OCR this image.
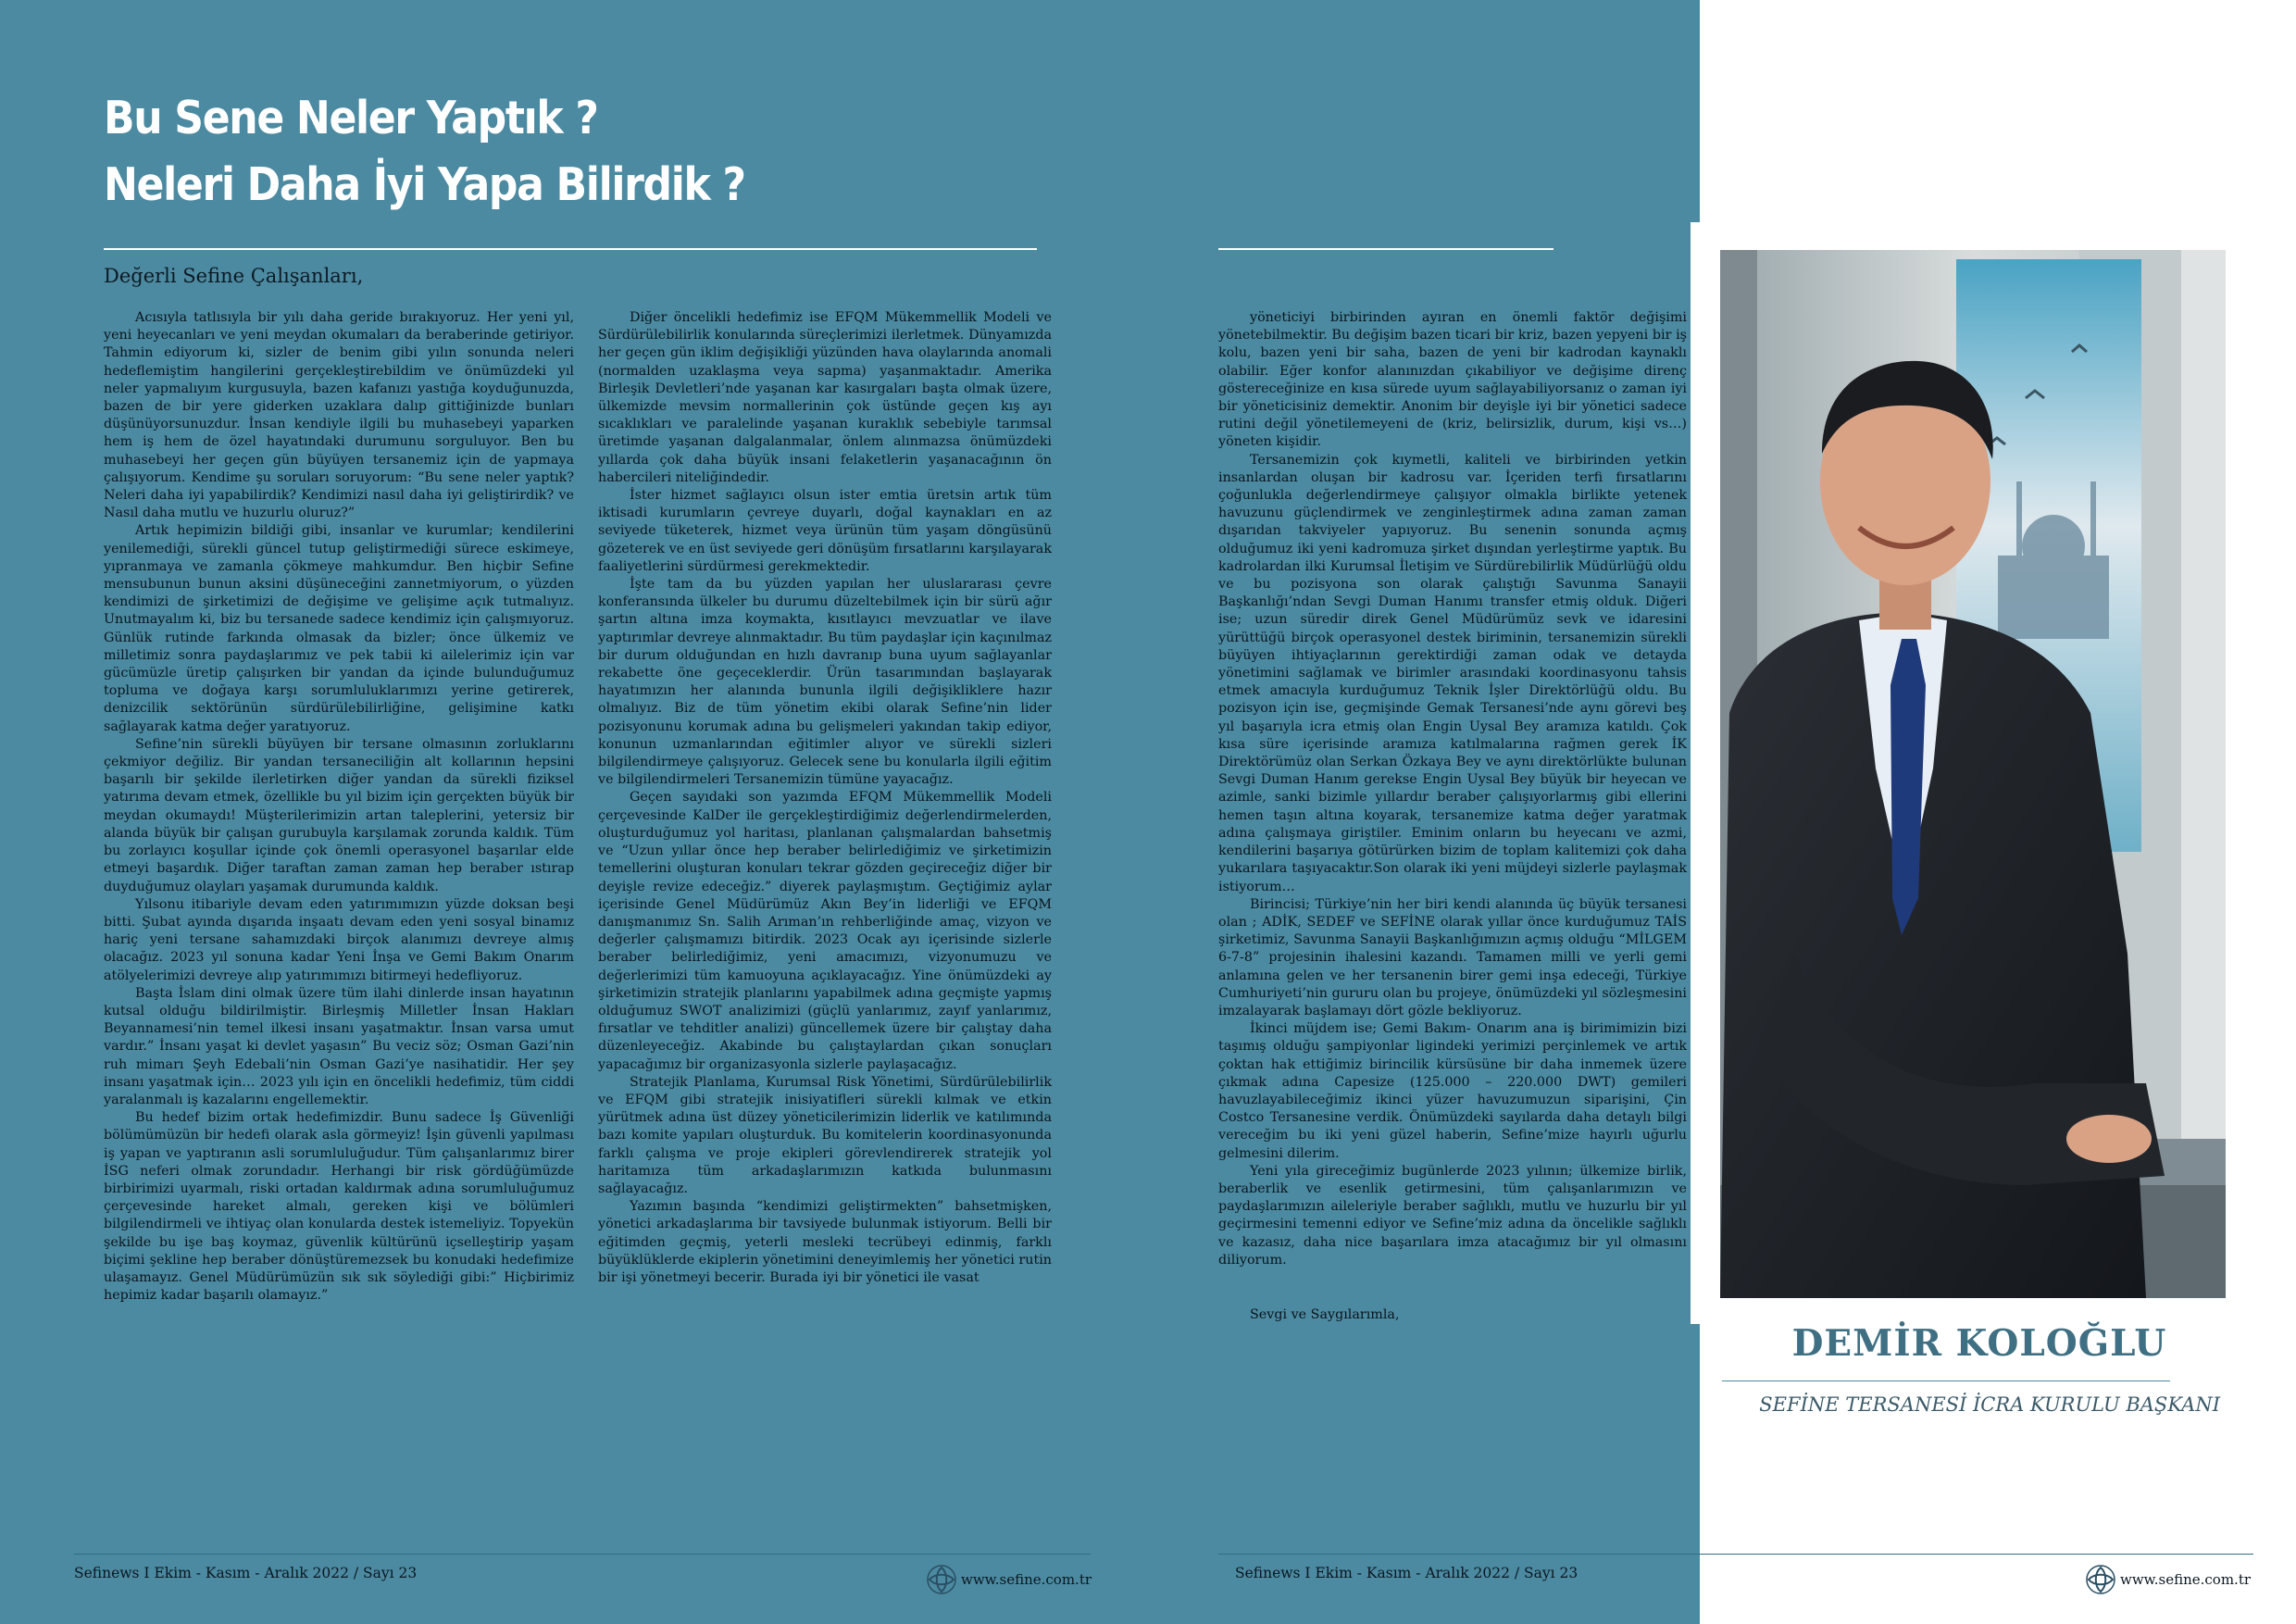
Bu Sene Neler Yaptık ?
Neleri Daha İyi Yapa Bilirdik ?
Değerli Sefine Çalışanları,

Acısıyla tatlısıyla bir yılı daha geride bırakıyoruz. Her yeni yıl, yeni heyecanları ve yeni meydan okumaları da beraberinde getiriyor. Tahmin ediyorum ki, sizler de benim gibi yılın sonunda neleri hedeflemiştim hangilerini gerçekleştirebildim ve önümüzdeki yıl neler yapmalıyım kurgusuyla, bazen kafanızı yastığa koyduğunuzda, bazen de bir yere giderken uzaklara dalıp gittiğinizde bunları düşünüyorsunuzdur. İnsan kendiyle ilgili bu muhasebeyi yaparken hem iş hem de özel hayatındaki durumunu sorguluyor. Ben bu muhasebeyi her geçen gün büyüyen tersanemiz için de yapmaya çalışıyorum. Kendime şu soruları soruyorum: “Bu sene neler yaptık? Neleri daha iyi yapabilirdik? Kendimizi nasıl daha iyi geliştirirdik? ve Nasıl daha mutlu ve huzurlu oluruz?”

Artık hepimizin bildiği gibi, insanlar ve kurumlar; kendilerini yenilemediği, sürekli güncel tutup geliştirmediği sürece eskimeye, yıpranmaya ve zamanla çökmeye mahkumdur. Ben hiçbir Sefine mensubunun bunun aksini düşüneceğini zannetmiyorum, o yüzden kendimizi de şirketimizi de değişime ve gelişime açık tutmalıyız. Unutmayalım ki, biz bu tersanede sadece kendimiz için çalışmıyoruz. Günlük rutinde farkında olmasak da bizler; önce ülkemiz ve milletimiz sonra paydaşlarımız ve pek tabii ki ailelerimiz için var gücümüzle üretip çalışırken bir yandan da içinde bulunduğumuz topluma ve doğaya karşı sorumluluklarımızı yerine getirerek, denizcilik sektörünün sürdürülebilirliğine, gelişimine katkı sağlayarak katma değer yaratıyoruz.

Sefine’nin sürekli büyüyen bir tersane olmasının zorluklarını çekmiyor değiliz. Bir yandan tersaneciliğin alt kollarının hepsini başarılı bir şekilde ilerletirken diğer yandan da sürekli fiziksel yatırıma devam etmek, özellikle bu yıl bizim için gerçekten büyük bir meydan okumaydı! Müşterilerimizin artan taleplerini, yetersiz bir alanda büyük bir çalışan gurubuyla karşılamak zorunda kaldık. Tüm bu zorlayıcı koşullar içinde çok önemli operasyonel başarılar elde etmeyi başardık. Diğer taraftan zaman zaman hep beraber ıstırap duyduğumuz olayları yaşamak durumunda kaldık.

Yılsonu itibariyle devam eden yatırımımızın yüzde doksan beşi bitti. Şubat ayında dışarıda inşaatı devam eden yeni sosyal binamız hariç yeni tersane sahamızdaki birçok alanımızı devreye almış olacağız. 2023 yıl sonuna kadar Yeni İnşa ve Gemi Bakım Onarım atölyelerimizi devreye alıp yatırımımızı bitirmeyi hedefliyoruz.

Başta İslam dini olmak üzere tüm ilahi dinlerde insan hayatının kutsal olduğu bildirilmiştir. Birleşmiş Milletler İnsan Hakları Beyannamesi’nin temel ilkesi insanı yaşatmaktır. İnsan varsa umut vardır.” İnsanı yaşat ki devlet yaşasın” Bu veciz söz; Osman Gazi’nin ruh mimarı Şeyh Edebali’nin Osman Gazi’ye nasihatidir. Her şey insanı yaşatmak için… 2023 yılı için en öncelikli hedefimiz, tüm ciddi yaralanmalı iş kazalarını engellemektir.

Bu hedef bizim ortak hedefimizdir. Bunu sadece İş Güvenliği bölümümüzün bir hedefi olarak asla görmeyiz! İşin güvenli yapılması iş yapan ve yaptıranın asli sorumluluğudur. Tüm çalışanlarımız birer İSG neferi olmak zorundadır. Herhangi bir risk gördüğümüzde birbirimizi uyarmalı, riski ortadan kaldırmak adına sorumluluğumuz çerçevesinde hareket almalı, gereken kişi ve bölümleri bilgilendirmeli ve ihtiyaç olan konularda destek istemeliyiz. Topyekün şekilde bu işe baş koymaz, güvenlik kültürünü içselleştirip yaşam biçimi şekline hep beraber dönüştüremezsek bu konudaki hedefimize ulaşamayız. Genel Müdürümüzün sık sık söylediği gibi:” Hiçbirimiz hepimiz kadar başarılı olamayız.”

Diğer öncelikli hedefimiz ise EFQM Mükemmellik Modeli ve Sürdürülebilirlik konularında süreçlerimizi ilerletmek. Dünyamızda her geçen gün iklim değişikliği yüzünden hava olaylarında anomali (normalden uzaklaşma veya sapma) yaşanmaktadır. Amerika Birleşik Devletleri’nde yaşanan kar kasırgaları başta olmak üzere, ülkemizde mevsim normallerinin çok üstünde geçen kış ayı sıcaklıkları ve paralelinde yaşanan kuraklık sebebiyle tarımsal üretimde yaşanan dalgalanmalar, önlem alınmazsa önümüzdeki yıllarda çok daha büyük insani felaketlerin yaşanacağının ön habercileri niteliğindedir.

İster hizmet sağlayıcı olsun ister emtia üretsin artık tüm iktisadi kurumların çevreye duyarlı, doğal kaynakları en az seviyede tüketerek, hizmet veya ürünün tüm yaşam döngüsünü gözeterek ve en üst seviyede geri dönüşüm fırsatlarını karşılayarak faaliyetlerini sürdürmesi gerekmektedir.

İşte tam da bu yüzden yapılan her uluslararası çevre konferansında ülkeler bu durumu düzeltebilmek için bir sürü ağır şartın altına imza koymakta, kısıtlayıcı mevzuatlar ve ilave yaptırımlar devreye alınmaktadır. Bu tüm paydaşlar için kaçınılmaz bir durum olduğundan en hızlı davranıp buna uyum sağlayanlar rekabette öne geçeceklerdir. Ürün tasarımından başlayarak hayatımızın her alanında bununla ilgili değişikliklere hazır olmalıyız. Biz de tüm yönetim ekibi olarak Sefine’nin lider pozisyonunu korumak adına bu gelişmeleri yakından takip ediyor, konunun uzmanlarından eğitimler alıyor ve sürekli sizleri bilgilendirmeye çalışıyoruz. Gelecek sene bu konularla ilgili eğitim ve bilgilendirmeleri Tersanemizin tümüne yayacağız.

Geçen sayıdaki son yazımda EFQM Mükemmellik Modeli çerçevesinde KalDer ile gerçekleştirdiğimiz değerlendirmelerden, oluşturduğumuz yol haritası, planlanan çalışmalardan bahsetmiş ve “Uzun yıllar önce hep beraber belirlediğimiz ve şirketimizin temellerini oluşturan konuları tekrar gözden geçireceğiz diğer bir deyişle revize edeceğiz.” diyerek paylaşmıştım. Geçtiğimiz aylar içerisinde Genel Müdürümüz Akın Bey’in liderliği ve EFQM danışmanımız Sn. Salih Arıman’ın rehberliğinde amaç, vizyon ve değerler çalışmamızı bitirdik. 2023 Ocak ayı içerisinde sizlerle beraber belirlediğimiz, yeni amacımızı, vizyonumuzu ve değerlerimizi tüm kamuoyuna açıklayacağız. Yine önümüzdeki ay şirketimizin stratejik planlarını yapabilmek adına geçmişte yapmış olduğumuz SWOT analizimizi (güçlü yanlarımız, zayıf yanlarımız, fırsatlar ve tehditler analizi) güncellemek üzere bir çalıştay daha düzenleyeceğiz. Akabinde bu çalıştaylardan çıkan sonuçları yapacağımız bir organizasyonla sizlerle paylaşacağız.

Stratejik Planlama, Kurumsal Risk Yönetimi, Sürdürülebilirlik ve EFQM gibi stratejik inisiyatifleri sürekli kılmak ve etkin yürütmek adına üst düzey yöneticilerimizin liderlik ve katılımında bazı komite yapıları oluşturduk. Bu komitelerin koordinasyonunda farklı çalışma ve proje ekipleri görevlendirerek stratejik yol haritamıza tüm arkadaşlarımızın katkıda bulunmasını sağlayacağız.

Yazımın başında “kendimizi geliştirmekten” bahsetmişken, yönetici arkadaşlarıma bir tavsiyede bulunmak istiyorum. Belli bir eğitimden geçmiş, yeterli mesleki tecrübeyi edinmiş, farklı büyüklüklerde ekiplerin yönetimini deneyimlemiş her yönetici rutin bir işi yönetmeyi becerir. Burada iyi bir yönetici ile vasat

yöneticiyi birbirinden ayıran en önemli faktör değişimi yönetebilmektir. Bu değişim bazen ticari bir kriz, bazen yepyeni bir iş kolu, bazen yeni bir saha, bazen de yeni bir kadrodan kaynaklı olabilir. Eğer konfor alanınızdan çıkabiliyor ve değişime direnç göstereceğinize en kısa sürede uyum sağlayabiliyorsanız o zaman iyi bir yöneticisiniz demektir. Anonim bir deyişle iyi bir yönetici sadece rutini değil yönetilemeyeni de (kriz, belirsizlik, durum, kişi vs…) yöneten kişidir.

Tersanemizin çok kıymetli, kaliteli ve birbirinden yetkin insanlardan oluşan bir kadrosu var. İçeriden terfi fırsatlarını çoğunlukla değerlendirmeye çalışıyor olmakla birlikte yetenek havuzunu güçlendirmek ve zenginleştirmek adına zaman zaman dışarıdan takviyeler yapıyoruz. Bu senenin sonunda açmış olduğumuz iki yeni kadromuza şirket dışından yerleştirme yaptık. Bu kadrolardan ilki Kurumsal İletişim ve Sürdürebilirlik Müdürlüğü oldu ve bu pozisyona son olarak çalıştığı Savunma Sanayii Başkanlığı’ndan Sevgi Duman Hanımı transfer etmiş olduk. Diğeri ise; uzun süredir direk Genel Müdürümüz sevk ve idaresini yürüttüğü birçok operasyonel destek biriminin, tersanemizin sürekli büyüyen ihtiyaçlarının gerektirdiği zaman odak ve detayda yönetimini sağlamak ve birimler arasındaki koordinasyonu tahsis etmek amacıyla kurduğumuz Teknik İşler Direktörlüğü oldu. Bu pozisyon için ise, geçmişinde Gemak Tersanesi’nde aynı görevi beş yıl başarıyla icra etmiş olan Engin Uysal Bey aramıza katıldı. Çok kısa süre içerisinde aramıza katılmalarına rağmen gerek İK Direktörümüz olan Serkan Özkaya Bey ve aynı direktörlükte bulunan Sevgi Duman Hanım gerekse Engin Uysal Bey büyük bir heyecan ve azimle, sanki bizimle yıllardır beraber çalışıyorlarmış gibi ellerini hemen taşın altına koyarak, tersanemize katma değer yaratmak adına çalışmaya giriştiler. Eminim onların bu heyecanı ve azmi, kendilerini başarıya götürürken bizim de toplam kalitemizi çok daha yukarılara taşıyacaktır.Son olarak iki yeni müjdeyi sizlerle paylaşmak istiyorum…

Birincisi; Türkiye’nin her biri kendi alanında üç büyük tersanesi olan ; ADİK, SEDEF ve SEFİNE olarak yıllar önce kurduğumuz TAİS şirketimiz, Savunma Sanayii Başkanlığımızın açmış olduğu “MİLGEM 6-7-8” projesinin ihalesini kazandı. Tamamen milli ve yerli gemi anlamına gelen ve her tersanenin birer gemi inşa edeceği, Türkiye Cumhuriyeti’nin gururu olan bu projeye, önümüzdeki yıl sözleşmesini imzalayarak başlamayı dört gözle bekliyoruz.

İkinci müjdem ise; Gemi Bakım- Onarım ana iş birimimizin bizi taşımış olduğu şampiyonlar ligindeki yerimizi perçinlemek ve artık çoktan hak ettiğimiz birincilik kürsüsüne bir daha inmemek üzere çıkmak adına Capesize (125.000 – 220.000 DWT) gemileri havuzlayabileceğimiz ikinci yüzer havuzumuzun siparişini, Çin Costco Tersanesine verdik. Önümüzdeki sayılarda daha detaylı bilgi vereceğim bu iki yeni güzel haberin, Sefine’mize hayırlı uğurlu gelmesini dilerim.

Yeni yıla gireceğimiz bugünlerde 2023 yılının; ülkemize birlik, beraberlik ve esenlik getirmesini, tüm çalışanlarımızın ve paydaşlarımızın aileleriyle beraber sağlıklı, mutlu ve huzurlu bir yıl geçirmesini temenni ediyor ve Sefine’miz adına da öncelikle sağlıklı ve kazasız, daha nice başarılara imza atacağımız bir yıl olmasını diliyorum.

Sevgi ve Saygılarımla,

DEMİR KOLOĞLU
SEFİNE TERSANESİ İCRA KURULU BAŞKANI
Sefinews I Ekim - Kasım - Aralık 2022 / Sayı 23	www.sefine.com.tr	Sefinews I Ekim - Kasım - Aralık 2022 / Sayı 23	www.sefine.com.tr
